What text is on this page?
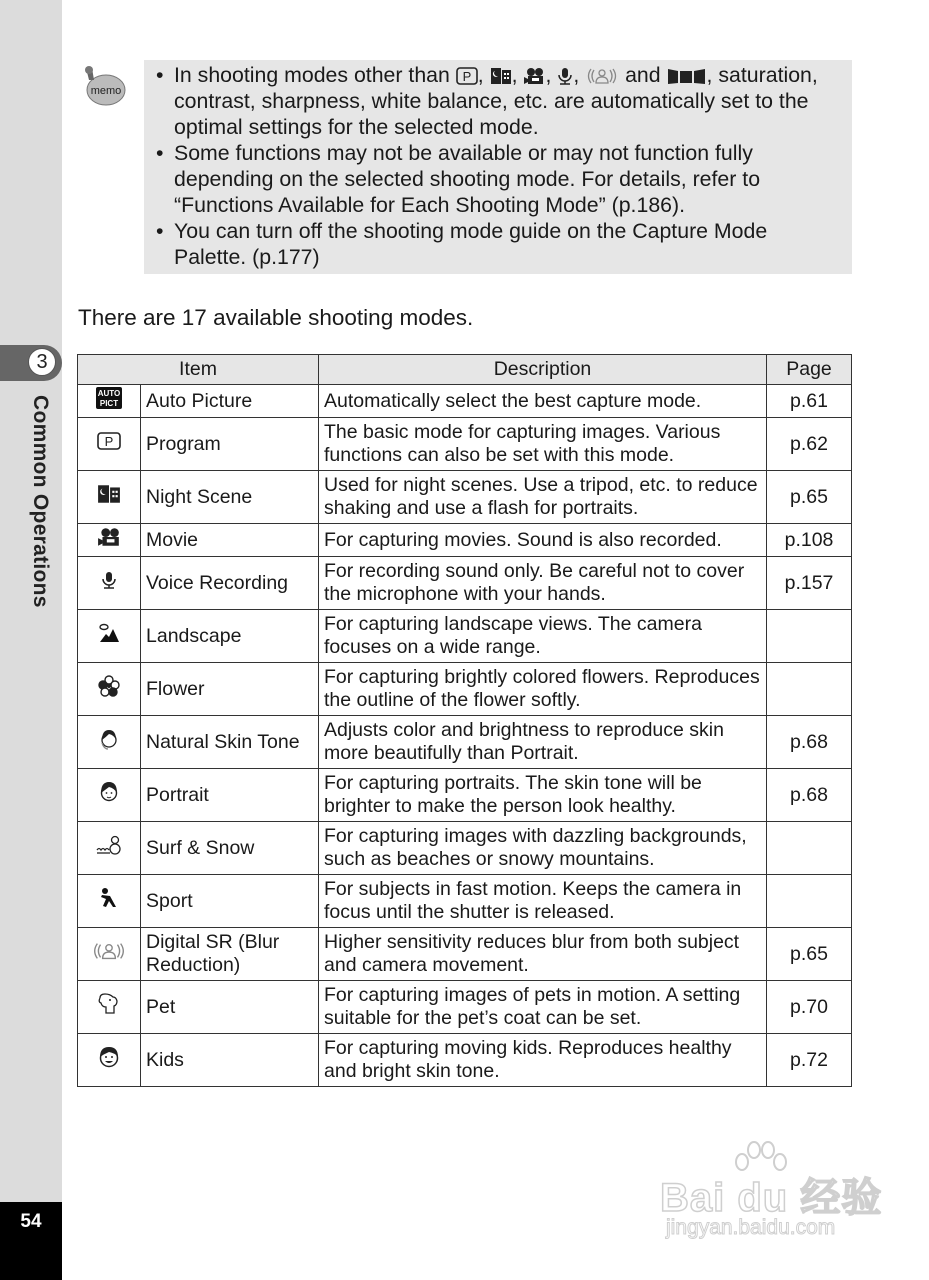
3
Common Operations
54
memo
• In shooting modes other than P , , , ,  and , saturation, contrast, sharpness, white balance, etc. are automatically set to the optimal settings for the selected mode.
• Some functions may not be available or may not function fully depending on the selected shooting mode. For details, refer to “Functions Available for Each Shooting Mode” (p.186).
• You can turn off the shooting mode guide on the Capture Mode Palette. (p.177)
There are 17 available shooting modes.
Item		Description	Page

AUTO
PICT	Auto Picture	Automatically select the best capture mode.	p.61

P	Program	The basic mode for capturing images. Various functions can also be set with this mode.	p.62
	Night Scene	Used for night scenes. Use a tripod, etc. to reduce shaking and use a flash for portraits.	p.65
	Movie	For capturing movies. Sound is also recorded.	p.108
	Voice Recording	For recording sound only. Be careful not to cover the microphone with your hands.	p.157
	Landscape	For capturing landscape views. The camera focuses on a wide range.	
	Flower	For capturing brightly colored flowers. Reproduces the outline of the flower softly.	
	Natural Skin Tone	Adjusts color and brightness to reproduce skin more beautifully than Portrait.	p.68
	Portrait	For capturing portraits. The skin tone will be brighter to make the person look healthy.	p.68
	Surf & Snow	For capturing images with dazzling backgrounds, such as beaches or snowy mountains.	
	Sport	For subjects in fast motion. Keeps the camera in focus until the shutter is released.	
	Digital SR (Blur Reduction)	Higher sensitivity reduces blur from both subject and camera movement.	p.65
	Pet	For capturing images of pets in motion. A setting suitable for the pet’s coat can be set.	p.70
	Kids	For capturing moving kids. Reproduces healthy and bright skin tone.	p.72
Bai du 经验
jingyan.baidu.com
